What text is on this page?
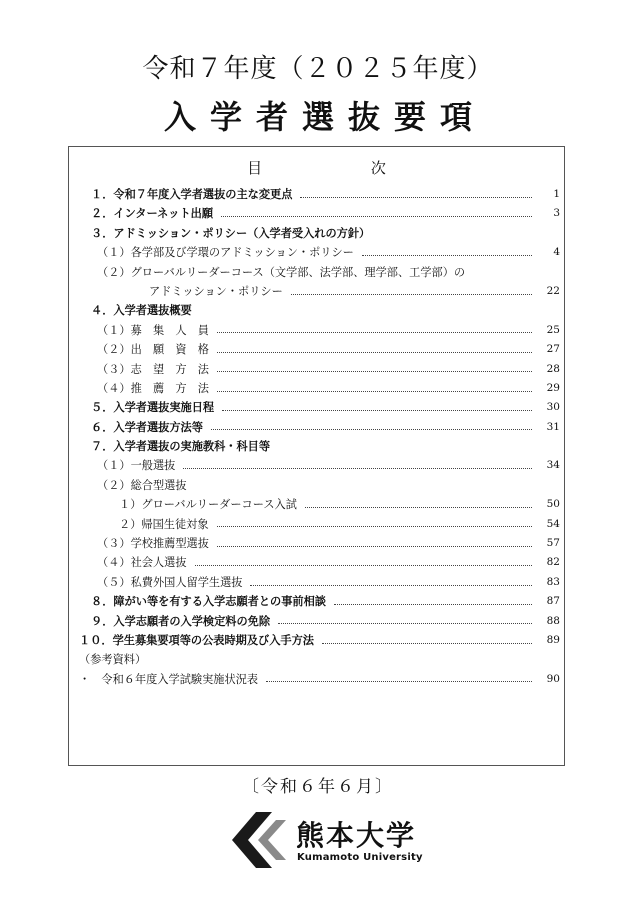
令和７年度（２０２５年度）
入学者選抜要項
目	次
１．令和７年度入学者選抜の主な変更点	1
２．インターネット出願	3
３．アドミッション・ポリシー（入学者受入れの方針）
（１）各学部及び学環のアドミッション・ポリシー	4
（２）グローバルリーダーコース（文学部、法学部、理学部、工学部）の
アドミッション・ポリシー	22
４．入学者選抜概要
（１）募　集　人　員	25
（２）出　願　資　格	27
（３）志　望　方　法	28
（４）推　薦　方　法	29
５．入学者選抜実施日程	30
６．入学者選抜方法等	31
７．入学者選抜の実施教科・科目等
（１）一般選抜	34
（２）総合型選抜
１）グローバルリーダーコース入試	50
２）帰国生徒対象	54
（３）学校推薦型選抜	57
（４）社会人選抜	82
（５）私費外国人留学生選抜	83
８．障がい等を有する入学志願者との事前相談	87
９．入学志願者の入学検定料の免除	88
１０．学生募集要項等の公表時期及び入手方法	89
（参考資料）
・　令和６年度入学試験実施状況表	90
〔令和６年６月〕
熊本大学
Kumamoto University
